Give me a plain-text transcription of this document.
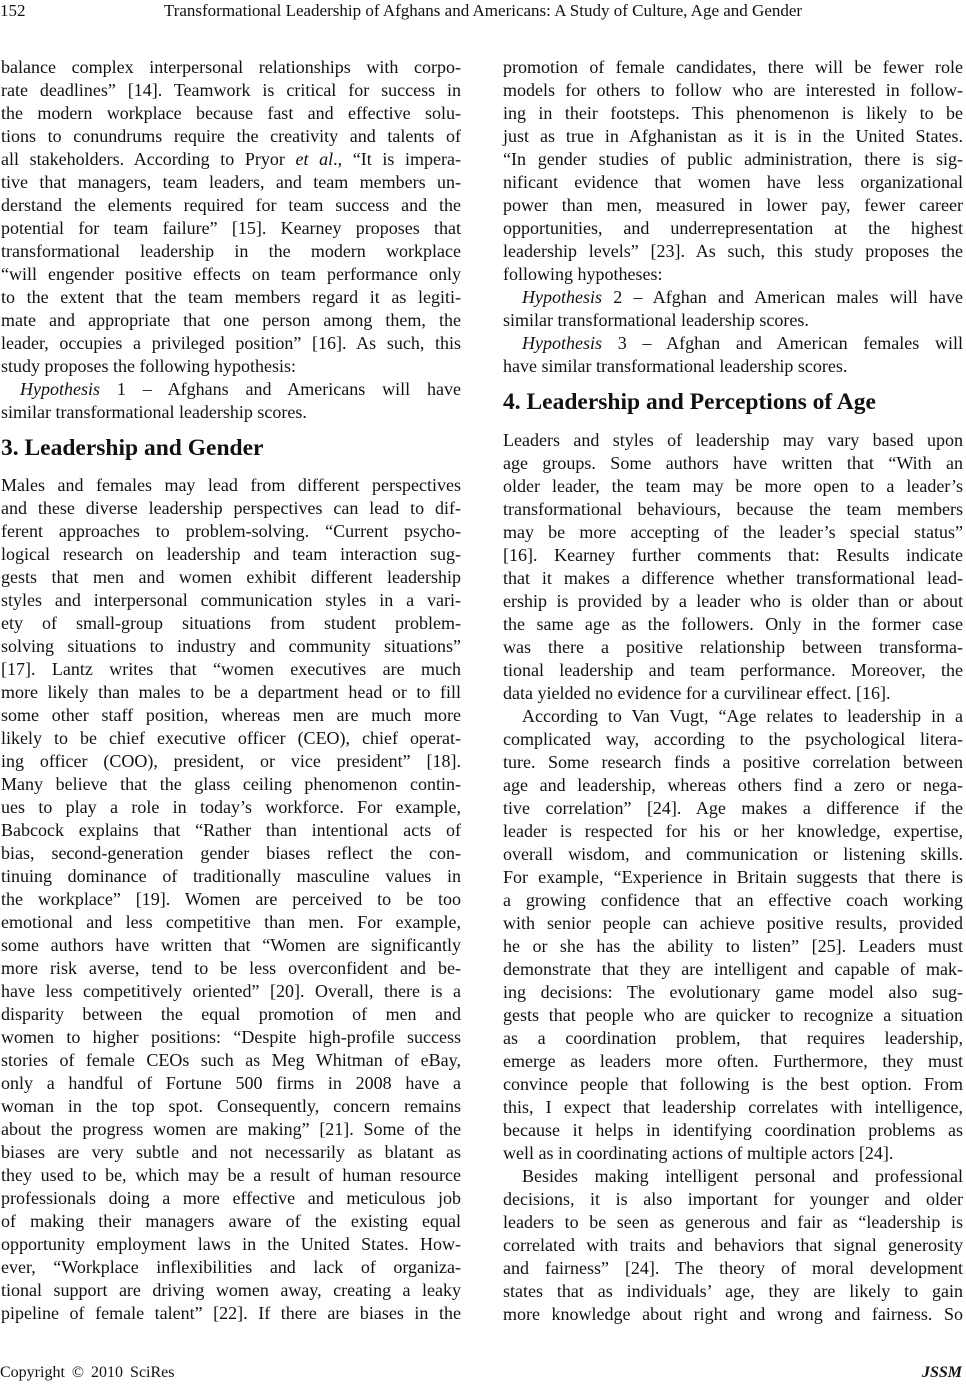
152	Transformational Leadership of Afghans and Americans: A Study of Culture, Age and Gender
balance complex interpersonal relationships with corpo-
rate deadlines” [14]. Teamwork is critical for success in
the modern workplace because fast and effective solu-
tions to conundrums require the creativity and talents of
all stakeholders. According to Pryor et al., “It is impera-
tive that managers, team leaders, and team members un-
derstand the elements required for team success and the
potential for team failure” [15]. Kearney proposes that
transformational leadership in the modern workplace
“will engender positive effects on team performance only
to the extent that the team members regard it as legiti-
mate and appropriate that one person among them, the
leader, occupies a privileged position” [16]. As such, this
study proposes the following hypothesis:
Hypothesis 1 – Afghans and Americans will have
similar transformational leadership scores.
3. Leadership and Gender
Males and females may lead from different perspectives
and these diverse leadership perspectives can lead to dif-
ferent approaches to problem-solving. “Current psycho-
logical research on leadership and team interaction sug-
gests that men and women exhibit different leadership
styles and interpersonal communication styles in a vari-
ety of small-group situations from student problem-
solving situations to industry and community situations”
[17]. Lantz writes that “women executives are much
more likely than males to be a department head or to fill
some other staff position, whereas men are much more
likely to be chief executive officer (CEO), chief operat-
ing officer (COO), president, or vice president” [18].
Many believe that the glass ceiling phenomenon contin-
ues to play a role in today’s workforce. For example,
Babcock explains that “Rather than intentional acts of
bias, second-generation gender biases reflect the con-
tinuing dominance of traditionally masculine values in
the workplace” [19]. Women are perceived to be too
emotional and less competitive than men. For example,
some authors have written that “Women are significantly
more risk averse, tend to be less overconfident and be-
have less competitively oriented” [20]. Overall, there is a
disparity between the equal promotion of men and
women to higher positions: “Despite high-profile success
stories of female CEOs such as Meg Whitman of eBay,
only a handful of Fortune 500 firms in 2008 have a
woman in the top spot. Consequently, concern remains
about the progress women are making” [21]. Some of the
biases are very subtle and not necessarily as blatant as
they used to be, which may be a result of human resource
professionals doing a more effective and meticulous job
of making their managers aware of the existing equal
opportunity employment laws in the United States. How-
ever, “Workplace inflexibilities and lack of organiza-
tional support are driving women away, creating a leaky
pipeline of female talent” [22]. If there are biases in the
promotion of female candidates, there will be fewer role
models for others to follow who are interested in follow-
ing in their footsteps. This phenomenon is likely to be
just as true in Afghanistan as it is in the United States.
“In gender studies of public administration, there is sig-
nificant evidence that women have less organizational
power than men, measured in lower pay, fewer career
opportunities, and underrepresentation at the highest
leadership levels” [23]. As such, this study proposes the
following hypotheses:
Hypothesis 2 – Afghan and American males will have
similar transformational leadership scores.
Hypothesis 3 – Afghan and American females will
have similar transformational leadership scores.
4. Leadership and Perceptions of Age
Leaders and styles of leadership may vary based upon
age groups. Some authors have written that “With an
older leader, the team may be more open to a leader’s
transformational behaviours, because the team members
may be more accepting of the leader’s special status”
[16]. Kearney further comments that: Results indicate
that it makes a difference whether transformational lead-
ership is provided by a leader who is older than or about
the same age as the followers. Only in the former case
was there a positive relationship between transforma-
tional leadership and team performance. Moreover, the
data yielded no evidence for a curvilinear effect. [16].
According to Van Vugt, “Age relates to leadership in a
complicated way, according to the psychological litera-
ture. Some research finds a positive correlation between
age and leadership, whereas others find a zero or nega-
tive correlation” [24]. Age makes a difference if the
leader is respected for his or her knowledge, expertise,
overall wisdom, and communication or listening skills.
For example, “Experience in Britain suggests that there is
a growing confidence that an effective coach working
with senior people can achieve positive results, provided
he or she has the ability to listen” [25]. Leaders must
demonstrate that they are intelligent and capable of mak-
ing decisions: The evolutionary game model also sug-
gests that people who are quicker to recognize a situation
as a coordination problem, that requires leadership,
emerge as leaders more often. Furthermore, they must
convince people that following is the best option. From
this, I expect that leadership correlates with intelligence,
because it helps in identifying coordination problems as
well as in coordinating actions of multiple actors [24].
Besides making intelligent personal and professional
decisions, it is also important for younger and older
leaders to be seen as generous and fair as “leadership is
correlated with traits and behaviors that signal generosity
and fairness” [24]. The theory of moral development
states that as individuals’ age, they are likely to gain
more knowledge about right and wrong and fairness. So
Copyright © 2010 SciRes	JSSM
